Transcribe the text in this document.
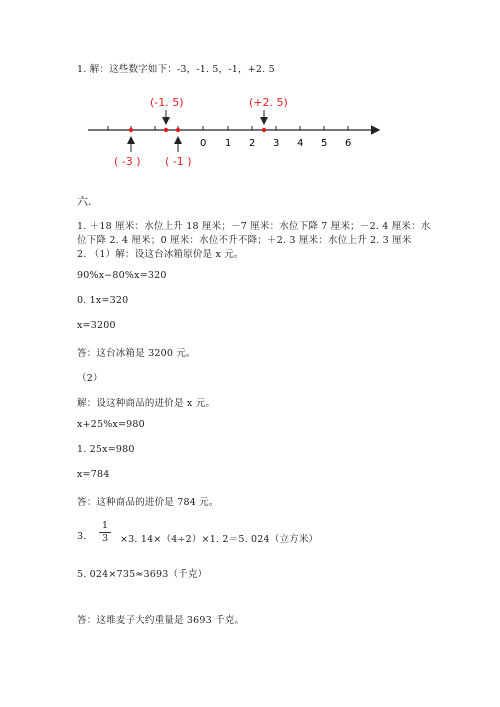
1. 解：这些数字如下：-3，-1. 5，-1，+2. 5
0 1 2 3 4 5 6
(-1. 5)	(+2. 5)
( -3 ) ( -1 )
六.
1. ＋18 厘米：水位上升 18 厘米；－7 厘米：水位下降 7 厘米；－2. 4 厘米：水
位下降 2. 4 厘米；0 厘米：水位不升不降；＋2. 3 厘米：水位上升 2. 3 厘米
2. （1）解：设这台冰箱原价是 x 元。
90%x−80%x=320
0. 1x=320
x=3200
答：这台冰箱是 3200 元。
（2）
解：设这种商品的进价是 x 元。
x+25%x=980
1. 25x=980
x=784
答：这种商品的进价是 784 元。
3. $\frac{1}{3} \times 3$. 14×（4÷2）×1. 2＝5. 024（立方米）
5. 024×735≈3693（千克）
答：这堆麦子大约重量是 3693 千克。
